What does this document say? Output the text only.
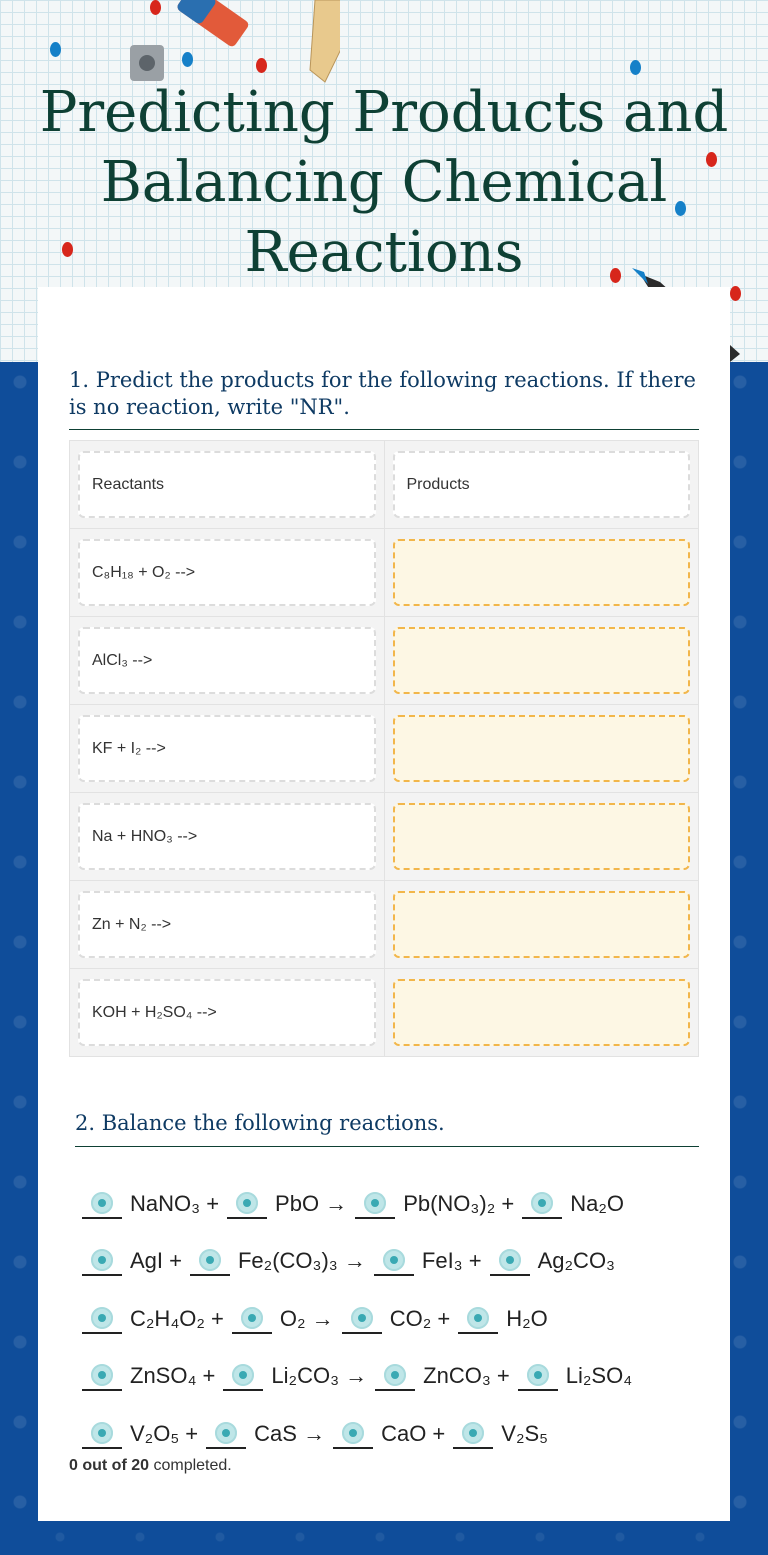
Predicting Products and Balancing Chemical Reactions

1. Predict the products for the following reactions. If there is no reaction, write "NR".

Reactants	Products

C₈H₁₈ + O₂ -->	

AlCl₃ -->	

KF + I₂ -->	

Na + HNO₃ -->	

Zn + N₂ -->	

KOH + H₂SO₄ -->	

2. Balance the following reactions.

NaNO₃ +	PbO →	Pb(NO₃)₂ +	Na₂O
AgI +	Fe₂(CO₃)₃ →	FeI₃ +	Ag₂CO₃
C₂H₄O₂ +	O₂ →	CO₂ +	H₂O
ZnSO₄ +	Li₂CO₃ →	ZnCO₃ +	Li₂SO₄
V₂O₅ +	CaS →	CaO +	V₂S₅
0 out of 20 completed.
